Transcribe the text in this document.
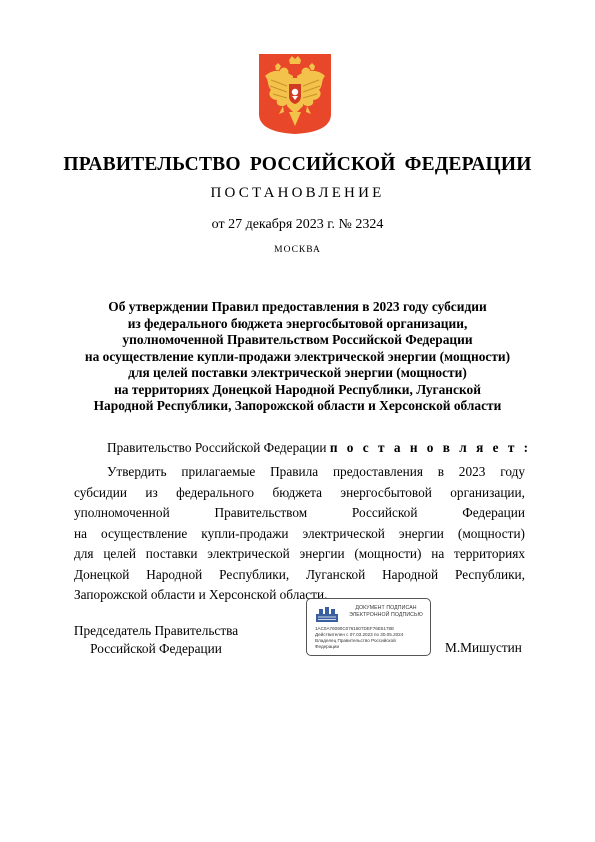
ПРАВИТЕЛЬСТВО РОССИЙСКОЙ ФЕДЕРАЦИИ
ПОСТАНОВЛЕНИЕ
от 27 декабря 2023 г. № 2324
МОСКВА
Об утверждении Правил предоставления в 2023 году субсидии
из федерального бюджета энергосбытовой организации,
уполномоченной Правительством Российской Федерации
на осуществление купли-продажи электрической энергии (мощности)
для целей поставки электрической энергии (мощности)
на территориях Донецкой Народной Республики, Луганской
Народной Республики, Запорожской области и Херсонской области
Правительство Российской Федерации п о с т а н о в л я е т :
Утвердить прилагаемые Правила предоставления в 2023 году
субсидии из федерального бюджета энергосбытовой организации,
уполномоченной Правительством Российской Федерации
на осуществление купли-продажи электрической энергии (мощности)
для целей поставки электрической энергии (мощности) на территориях
Донецкой Народной Республики, Луганской Народной Республики,
Запорожской области и Херсонской области.
Председатель Правительства
Российской Федерации
ДОКУМЕНТ ПОДПИСАН
ЭЛЕКТРОННОЙ ПОДПИСЬЮ
1AC0A76090C0761807DEF76E5178E
Действителен с 07.03.2023 по 30.05.2024
Владелец Правительство Российской
Федерации	М.Мишустин
